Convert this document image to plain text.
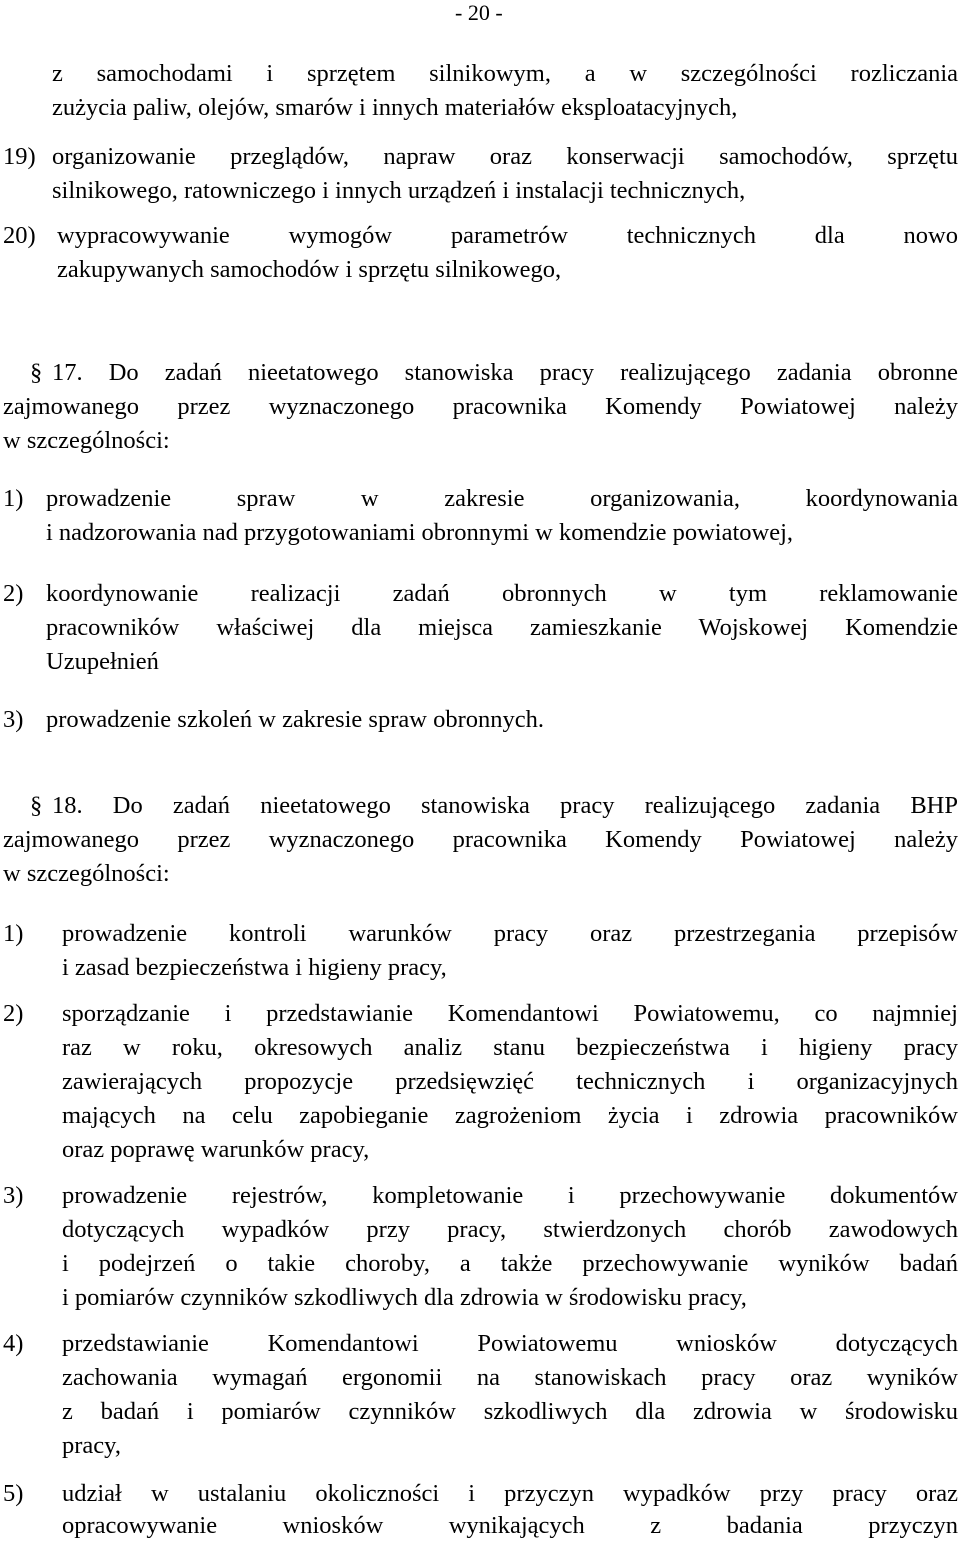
- 20 -
z samochodami i sprzętem silnikowym, a w szczególności rozliczania
zużycia paliw, olejów, smarów i innych materiałów eksploatacyjnych,
19) organizowanie przeglądów, napraw oraz konserwacji samochodów, sprzętu
silnikowego, ratowniczego i innych urządzeń i instalacji technicznych,
20) wypracowywanie wymogów parametrów technicznych dla nowo
zakupywanych samochodów i sprzętu silnikowego,
§ 17. Do zadań nieetatowego stanowiska pracy realizującego zadania obronne
zajmowanego przez wyznaczonego pracownika Komendy Powiatowej należy
w szczególności:
1) prowadzenie spraw w zakresie organizowania, koordynowania
i nadzorowania nad przygotowaniami obronnymi w komendzie powiatowej,
2) koordynowanie realizacji zadań obronnych w tym reklamowanie
pracowników właściwej dla miejsca zamieszkanie Wojskowej Komendzie
Uzupełnień
3) prowadzenie szkoleń w zakresie spraw obronnych.
§ 18. Do zadań nieetatowego stanowiska pracy realizującego zadania BHP
zajmowanego przez wyznaczonego pracownika Komendy Powiatowej należy
w szczególności:
1) prowadzenie kontroli warunków pracy oraz przestrzegania przepisów
i zasad bezpieczeństwa i higieny pracy,
2) sporządzanie i przedstawianie Komendantowi Powiatowemu, co najmniej
raz w roku, okresowych analiz stanu bezpieczeństwa i higieny pracy
zawierających propozycje przedsięwzięć technicznych i organizacyjnych
mających na celu zapobieganie zagrożeniom życia i zdrowia pracowników
oraz poprawę warunków pracy,
3) prowadzenie rejestrów, kompletowanie i przechowywanie dokumentów
dotyczących wypadków przy pracy, stwierdzonych chorób zawodowych
i podejrzeń o takie choroby, a także przechowywanie wyników badań
i pomiarów czynników szkodliwych dla zdrowia w środowisku pracy,
4) przedstawianie Komendantowi Powiatowemu wniosków dotyczących
zachowania wymagań ergonomii na stanowiskach pracy oraz wyników
z badań i pomiarów czynników szkodliwych dla zdrowia w środowisku
pracy,
5) udział w ustalaniu okoliczności i przyczyn wypadków przy pracy oraz
opracowywanie wniosków wynikających z badania przyczyn
